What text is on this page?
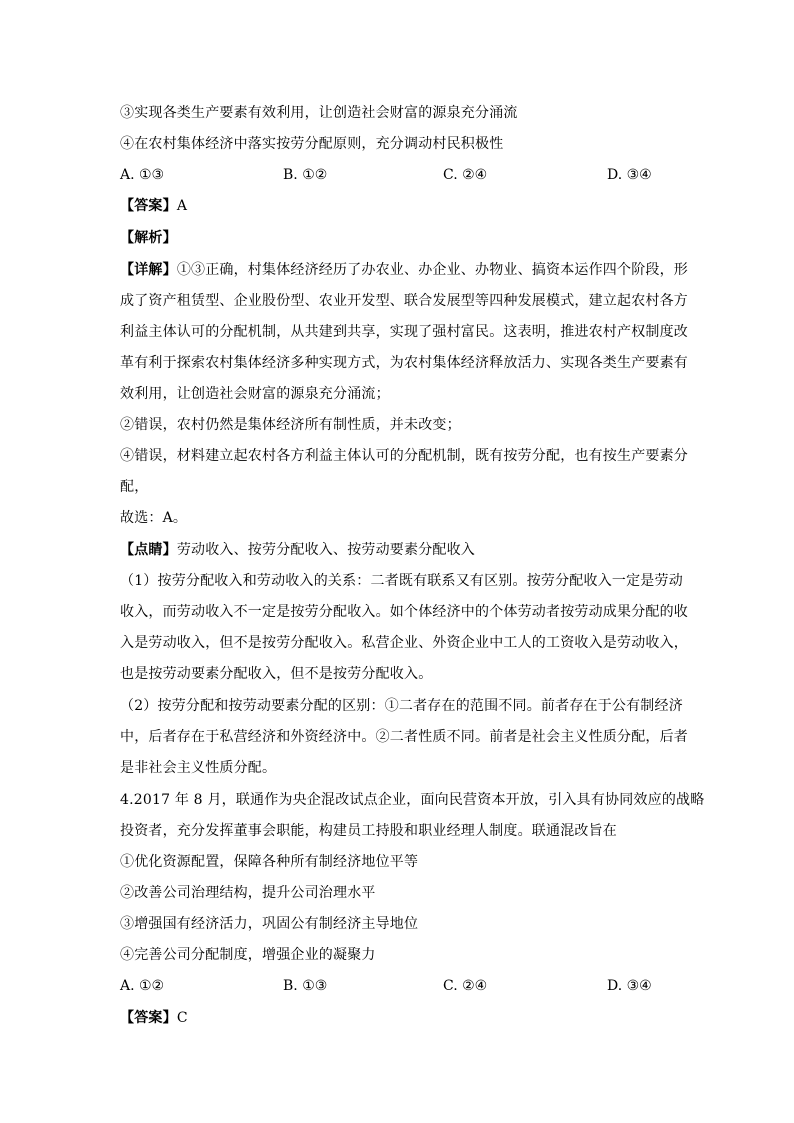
③实现各类生产要素有效利用，让创造社会财富的源泉充分涌流
④在农村集体经济中落实按劳分配原则，充分调动村民积极性
A. ①③	B. ①②	C. ②④	D. ③④
【答案】A
【解析】
【详解】①③正确，村集体经济经历了办农业、办企业、办物业、搞资本运作四个阶段，形
成了资产租赁型、企业股份型、农业开发型、联合发展型等四种发展模式，建立起农村各方
利益主体认可的分配机制，从共建到共享，实现了强村富民。这表明，推进农村产权制度改
革有利于探索农村集体经济多种实现方式，为农村集体经济释放活力、实现各类生产要素有
效利用，让创造社会财富的源泉充分涌流；
②错误，农村仍然是集体经济所有制性质，并未改变；
④错误，材料建立起农村各方利益主体认可的分配机制，既有按劳分配，也有按生产要素分
配，
故选：A。
【点睛】劳动收入、按劳分配收入、按劳动要素分配收入
（1）按劳分配收入和劳动收入的关系：二者既有联系又有区别。按劳分配收入一定是劳动
收入，而劳动收入不一定是按劳分配收入。如个体经济中的个体劳动者按劳动成果分配的收
入是劳动收入，但不是按劳分配收入。私营企业、外资企业中工人的工资收入是劳动收入，
也是按劳动要素分配收入，但不是按劳分配收入。
（2）按劳分配和按劳动要素分配的区别：①二者存在的范围不同。前者存在于公有制经济
中，后者存在于私营经济和外资经济中。②二者性质不同。前者是社会主义性质分配，后者
是非社会主义性质分配。
4.2017 年 8 月，联通作为央企混改试点企业，面向民营资本开放，引入具有协同效应的战略
投资者，充分发挥董事会职能，构建员工持股和职业经理人制度。联通混改旨在
①优化资源配置，保障各种所有制经济地位平等
②改善公司治理结构，提升公司治理水平
③增强国有经济活力，巩固公有制经济主导地位
④完善公司分配制度，增强企业的凝聚力
A. ①②	B. ①③	C. ②④	D. ③④
【答案】C
